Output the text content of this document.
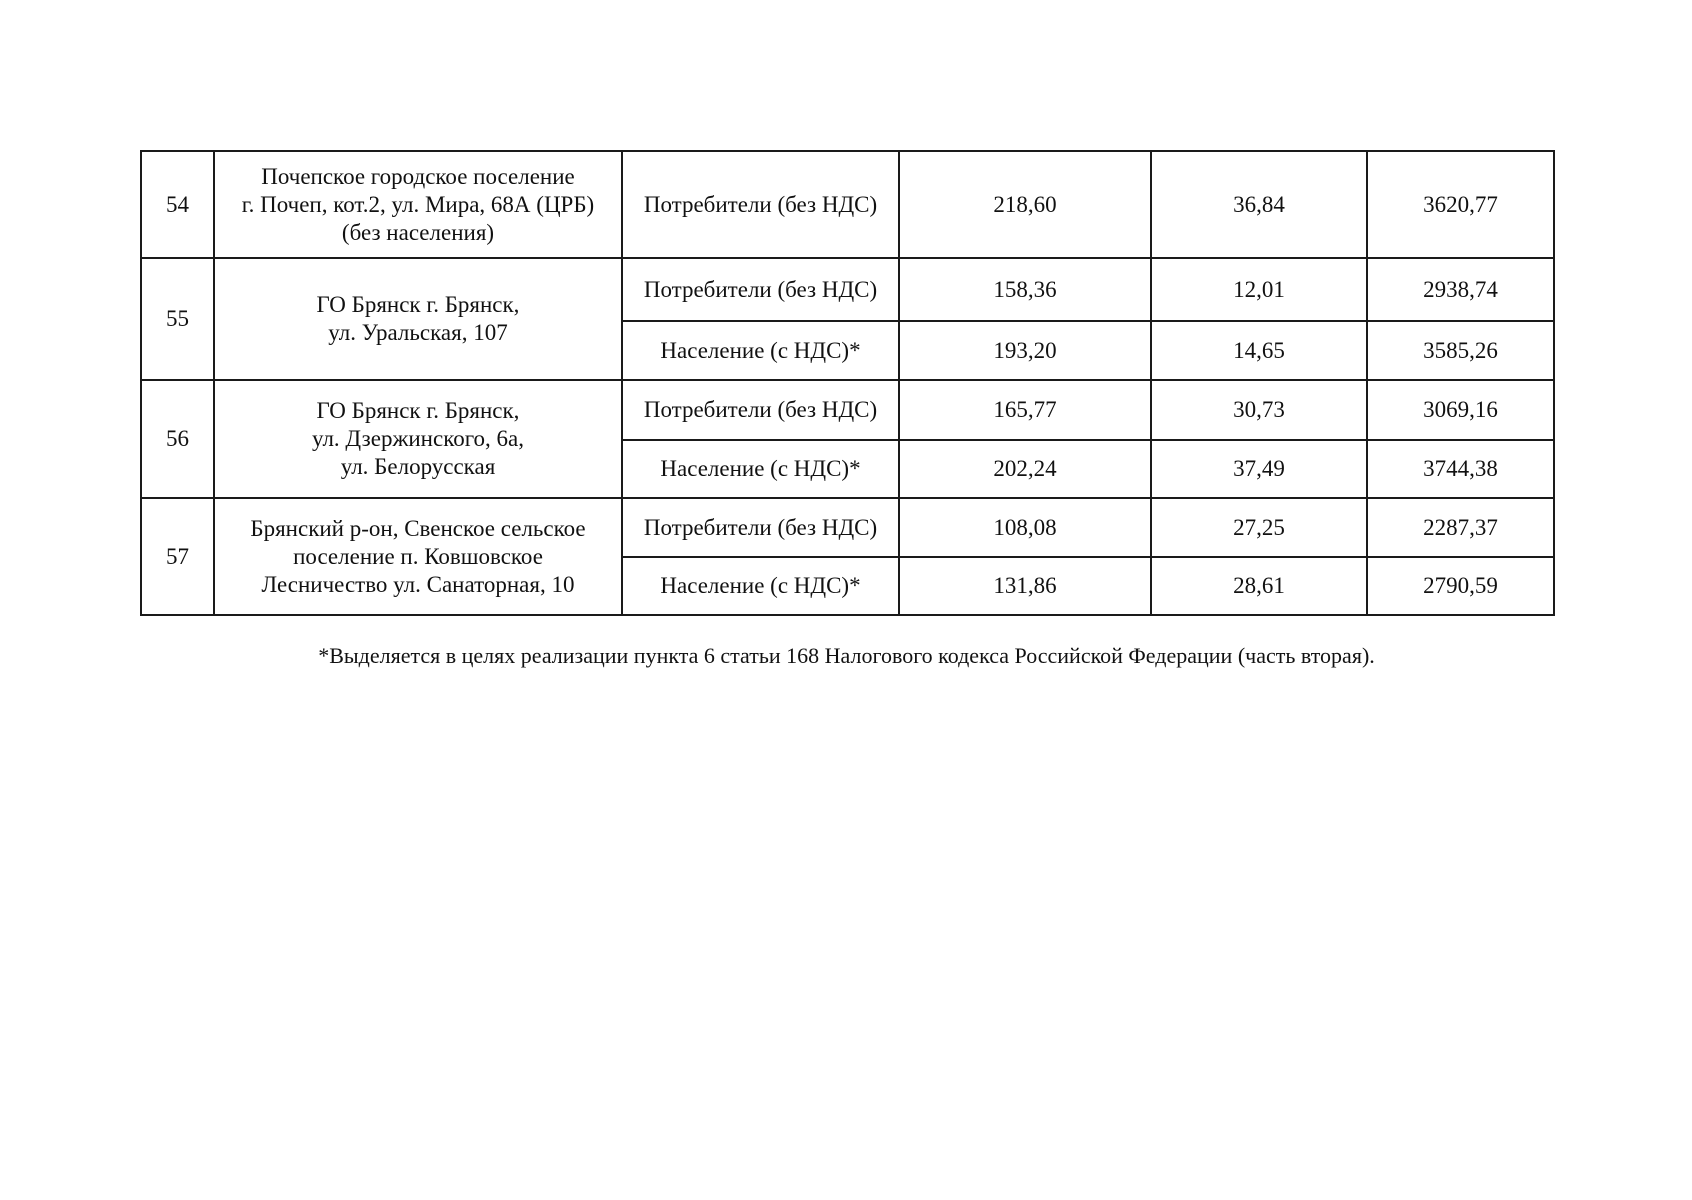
54	Почепское городское поселение
г. Почеп, кот.2, ул. Мира, 68А (ЦРБ)
(без населения)	Потребители (без НДС)	218,60	36,84	3620,77
55	ГО Брянск г. Брянск,
ул. Уральская, 107	Потребители (без НДС)	158,36	12,01	2938,74
		Население (с НДС)*	193,20	14,65	3585,26
56	ГО Брянск г. Брянск,
ул. Дзержинского, 6а,
ул. Белорусская	Потребители (без НДС)	165,77	30,73	3069,16
		Население (с НДС)*	202,24	37,49	3744,38
57	Брянский р-он, Свенское сельское
поселение п. Ковшовское
Лесничество ул. Санаторная, 10	Потребители (без НДС)	108,08	27,25	2287,37
		Население (с НДС)*	131,86	28,61	2790,59
*Выделяется в целях реализации пункта 6 статьи 168 Налогового кодекса Российской Федерации (часть вторая).
